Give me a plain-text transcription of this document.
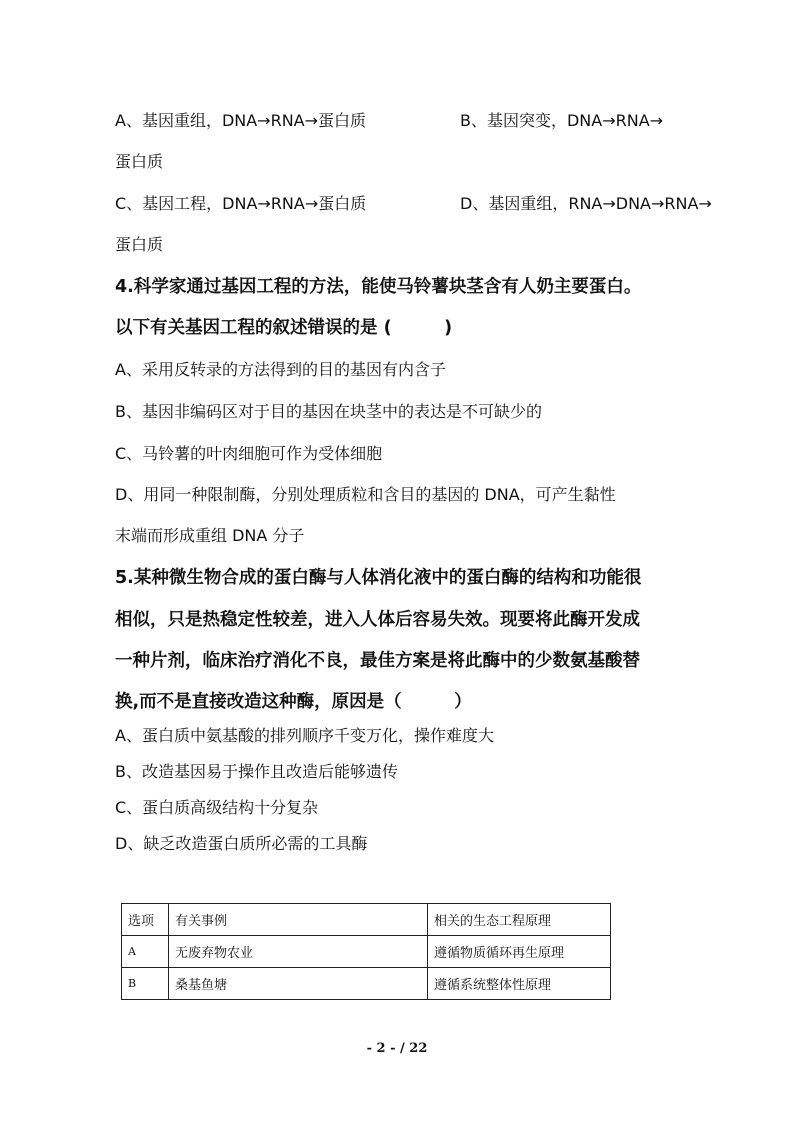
A、基因重组，DNA→RNA→蛋白质	B、基因突变，DNA→RNA→
蛋白质
C、基因工程，DNA→RNA→蛋白质	D、基因重组，RNA→DNA→RNA→
蛋白质
4.科学家通过基因工程的方法，能使马铃薯块茎含有人奶主要蛋白。
以下有关基因工程的叙述错误的是 (　　　)
A、采用反转录的方法得到的目的基因有内含子
B、基因非编码区对于目的基因在块茎中的表达是不可缺少的
C、马铃薯的叶肉细胞可作为受体细胞
D、用同一种限制酶，分别处理质粒和含目的基因的 DNA，可产生黏性
末端而形成重组 DNA 分子
5.某种微生物合成的蛋白酶与人体消化液中的蛋白酶的结构和功能很
相似，只是热稳定性较差，进入人体后容易失效。现要将此酶开发成
一种片剂，临床治疗消化不良，最佳方案是将此酶中的少数氨基酸替
换,而不是直接改造这种酶，原因是（　　　）
A、蛋白质中氨基酸的排列顺序千变万化，操作难度大
B、改造基因易于操作且改造后能够遗传
C、蛋白质高级结构十分复杂
D、缺乏改造蛋白质所必需的工具酶
选项	有关事例	相关的生态工程原理
A	无废弃物农业	遵循物质循环再生原理
B	桑基鱼塘	遵循系统整体性原理
- 2 - / 22
